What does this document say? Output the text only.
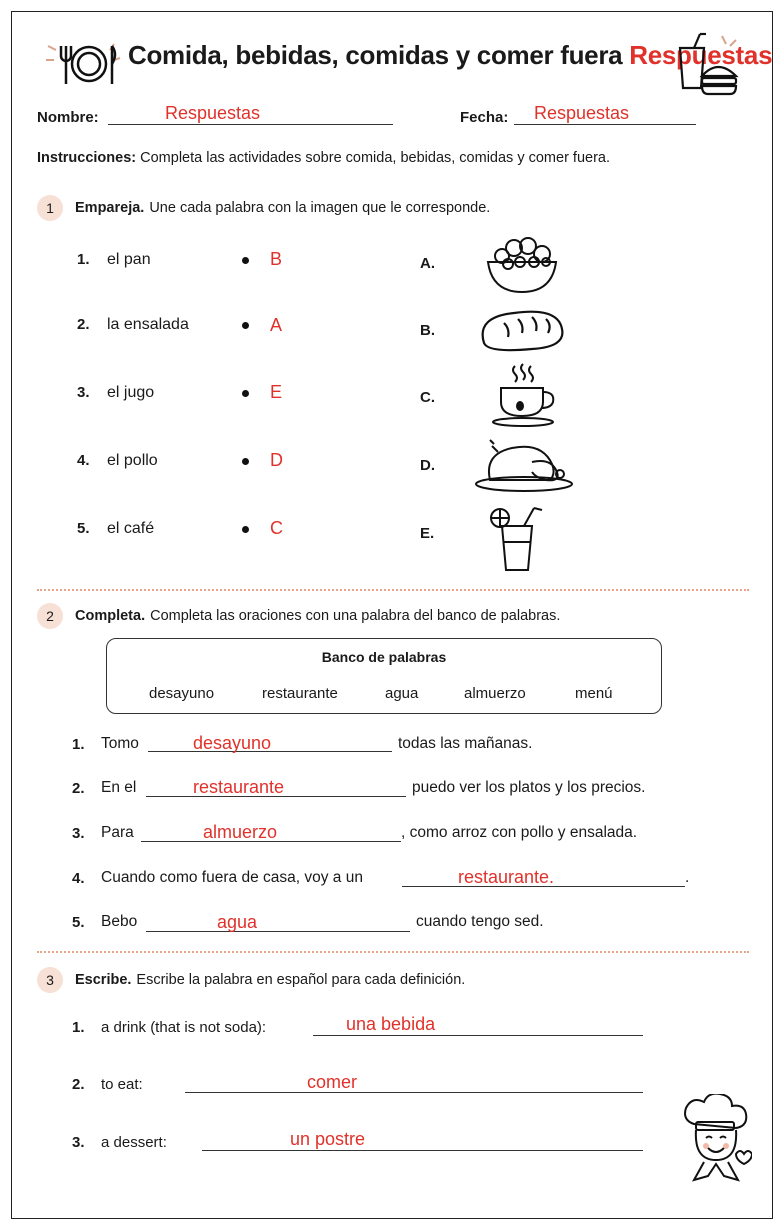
Comida, bebidas, comidas y comer fuera Respuestas
Nombre:	Respuestas	Fecha: Respuestas
Instrucciones: Completa las actividades sobre comida, bebidas, comidas y comer fuera.
1	Empareja. Une cada palabra con la imagen que le corresponde.
1. el pan	B
2. la ensalada	A
3. el jugo	E
4. el pollo	D
5. el café	C
A.
B.
C.
D.
E.
2	Completa. Completa las oraciones con una palabra del banco de palabras.
Banco de palabras
desayuno	restaurante	agua	almuerzo	menú
1. Tomo	desayuno	todas las mañanas.
2. En el	restaurante	puedo ver los platos y los precios.
3. Para	almuerzo	, como arroz con pollo y ensalada.
4. Cuando como fuera de casa, voy a un	restaurante.	.
5. Bebo	agua	cuando tengo sed.
3	Escribe. Escribe la palabra en español para cada definición.
1. a drink (that is not soda):	una bebida
2. to eat:	comer
3. a dessert:	un postre
